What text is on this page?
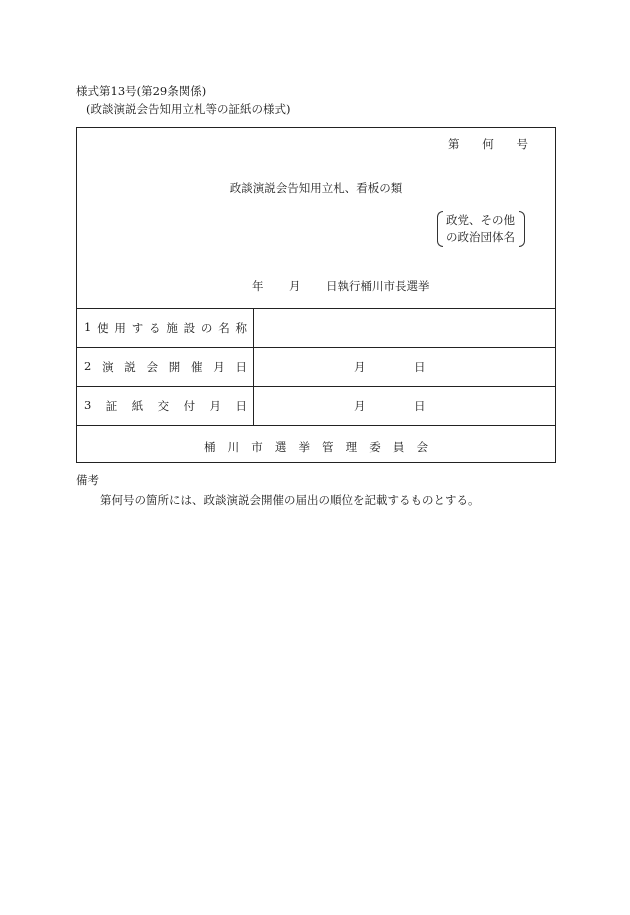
様式第13号(第29条関係)
(政談演説会告知用立札等の証紙の様式)
第 何 号
政談演説会告知用立札、看板の類
政党、その他
の政治団体名
年 月 日執行桶川市長選挙
1 使 用 す る 施 設 の 名 称
2 演 説 会 開 催 月 日	月	日
3 証 紙 交 付 月 日	月	日
桶 川 市 選 挙 管 理 委 員 会
備考
第何号の箇所には、政談演説会開催の届出の順位を記載するものとする。
